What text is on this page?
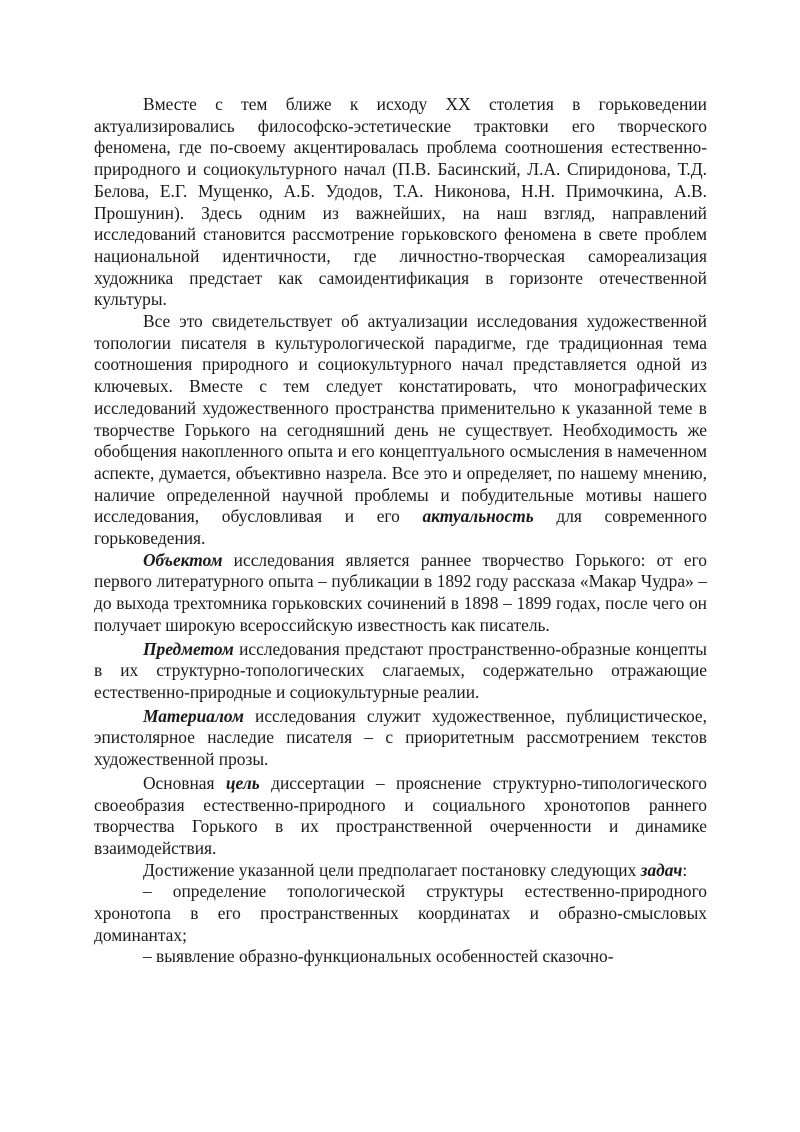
Вместе с тем ближе к исходу XX столетия в горьковедении актуализировались философско-эстетические трактовки его творческого феномена, где по-своему акцентировалась проблема соотношения естественно-природного и социокультурного начал (П.В. Басинский, Л.А. Спиридонова, Т.Д. Белова, Е.Г. Мущенко, А.Б. Удодов, Т.А. Никонова, Н.Н. Примочкина, А.В. Прошунин). Здесь одним из важнейших, на наш взгляд, направлений исследований становится рассмотрение горьковского феномена в свете проблем национальной идентичности, где личностно-творческая самореализация художника предстает как самоидентификация в горизонте отечественной культуры.

Все это свидетельствует об актуализации исследования художественной топологии писателя в культурологической парадигме, где традиционная тема соотношения природного и социокультурного начал представляется одной из ключевых. Вместе с тем следует констатировать, что монографических исследований художественного пространства применительно к указанной теме в творчестве Горького на сегодняшний день не существует. Необходимость же обобщения накопленного опыта и его концептуального осмысления в намеченном аспекте, думается, объективно назрела. Все это и определяет, по нашему мнению, наличие определенной научной проблемы и побудительные мотивы нашего исследования, обусловливая и его актуальность для современного горьковедения.

Объектом исследования является раннее творчество Горького: от его первого литературного опыта – публикации в 1892 году рассказа «Макар Чудра» – до выхода трехтомника горьковских сочинений в 1898 – 1899 годах, после чего он получает широкую всероссийскую известность как писатель.

Предметом исследования предстают пространственно-образные концепты в их структурно-топологических слагаемых, содержательно отражающие естественно-природные и социокультурные реалии.

Материалом исследования служит художественное, публицистическое, эпистолярное наследие писателя – с приоритетным рассмотрением текстов художественной прозы.

Основная цель диссертации – прояснение структурно-типологического своеобразия естественно-природного и социального хронотопов раннего творчества Горького в их пространственной очерченности и динамике взаимодействия.

Достижение указанной цели предполагает постановку следующих задач:

– определение топологической структуры естественно-природного хронотопа в его пространственных координатах и образно-смысловых доминантах;

– выявление образно-функциональных особенностей сказочно-
